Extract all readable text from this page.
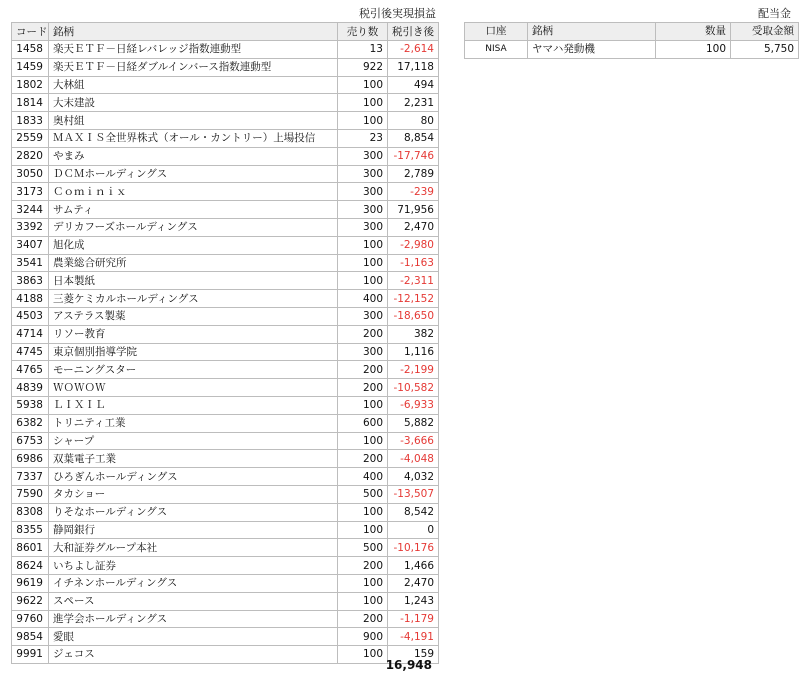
税引後実現損益
コード	銘柄	売り数	税引き後
1458	楽天ＥＴＦ－日経レバレッジ指数連動型	13	-2,614
1459	楽天ＥＴＦ－日経ダブルインバース指数連動型	922	17,118
1802	大林組	100	494
1814	大末建設	100	2,231
1833	奥村組	100	80
2559	ＭＡＸＩＳ全世界株式（オール・カントリー）上場投信	23	8,854
2820	やまみ	300	-17,746
3050	ＤＣＭホールディングス	300	2,789
3173	Ｃｏｍｉｎｉｘ	300	-239
3244	サムティ	300	71,956
3392	デリカフーズホールディングス	300	2,470
3407	旭化成	100	-2,980
3541	農業総合研究所	100	-1,163
3863	日本製紙	100	-2,311
4188	三菱ケミカルホールディングス	400	-12,152
4503	アステラス製薬	300	-18,650
4714	リソー教育	200	382
4745	東京個別指導学院	300	1,116
4765	モーニングスター	200	-2,199
4839	ＷＯＷＯＷ	200	-10,582
5938	ＬＩＸＩＬ	100	-6,933
6382	トリニティ工業	600	5,882
6753	シャープ	100	-3,666
6986	双葉電子工業	200	-4,048
7337	ひろぎんホールディングス	400	4,032
7590	タカショー	500	-13,507
8308	りそなホールディングス	100	8,542
8355	静岡銀行	100	0
8601	大和証券グループ本社	500	-10,176
8624	いちよし証券	200	1,466
9619	イチネンホールディングス	100	2,470
9622	スペース	100	1,243
9760	進学会ホールディングス	200	-1,179
9854	愛眼	900	-4,191
9991	ジェコス	100	159
16,948
配当金
口座	銘柄	数量	受取金額
NISA	ヤマハ発動機	100	5,750
